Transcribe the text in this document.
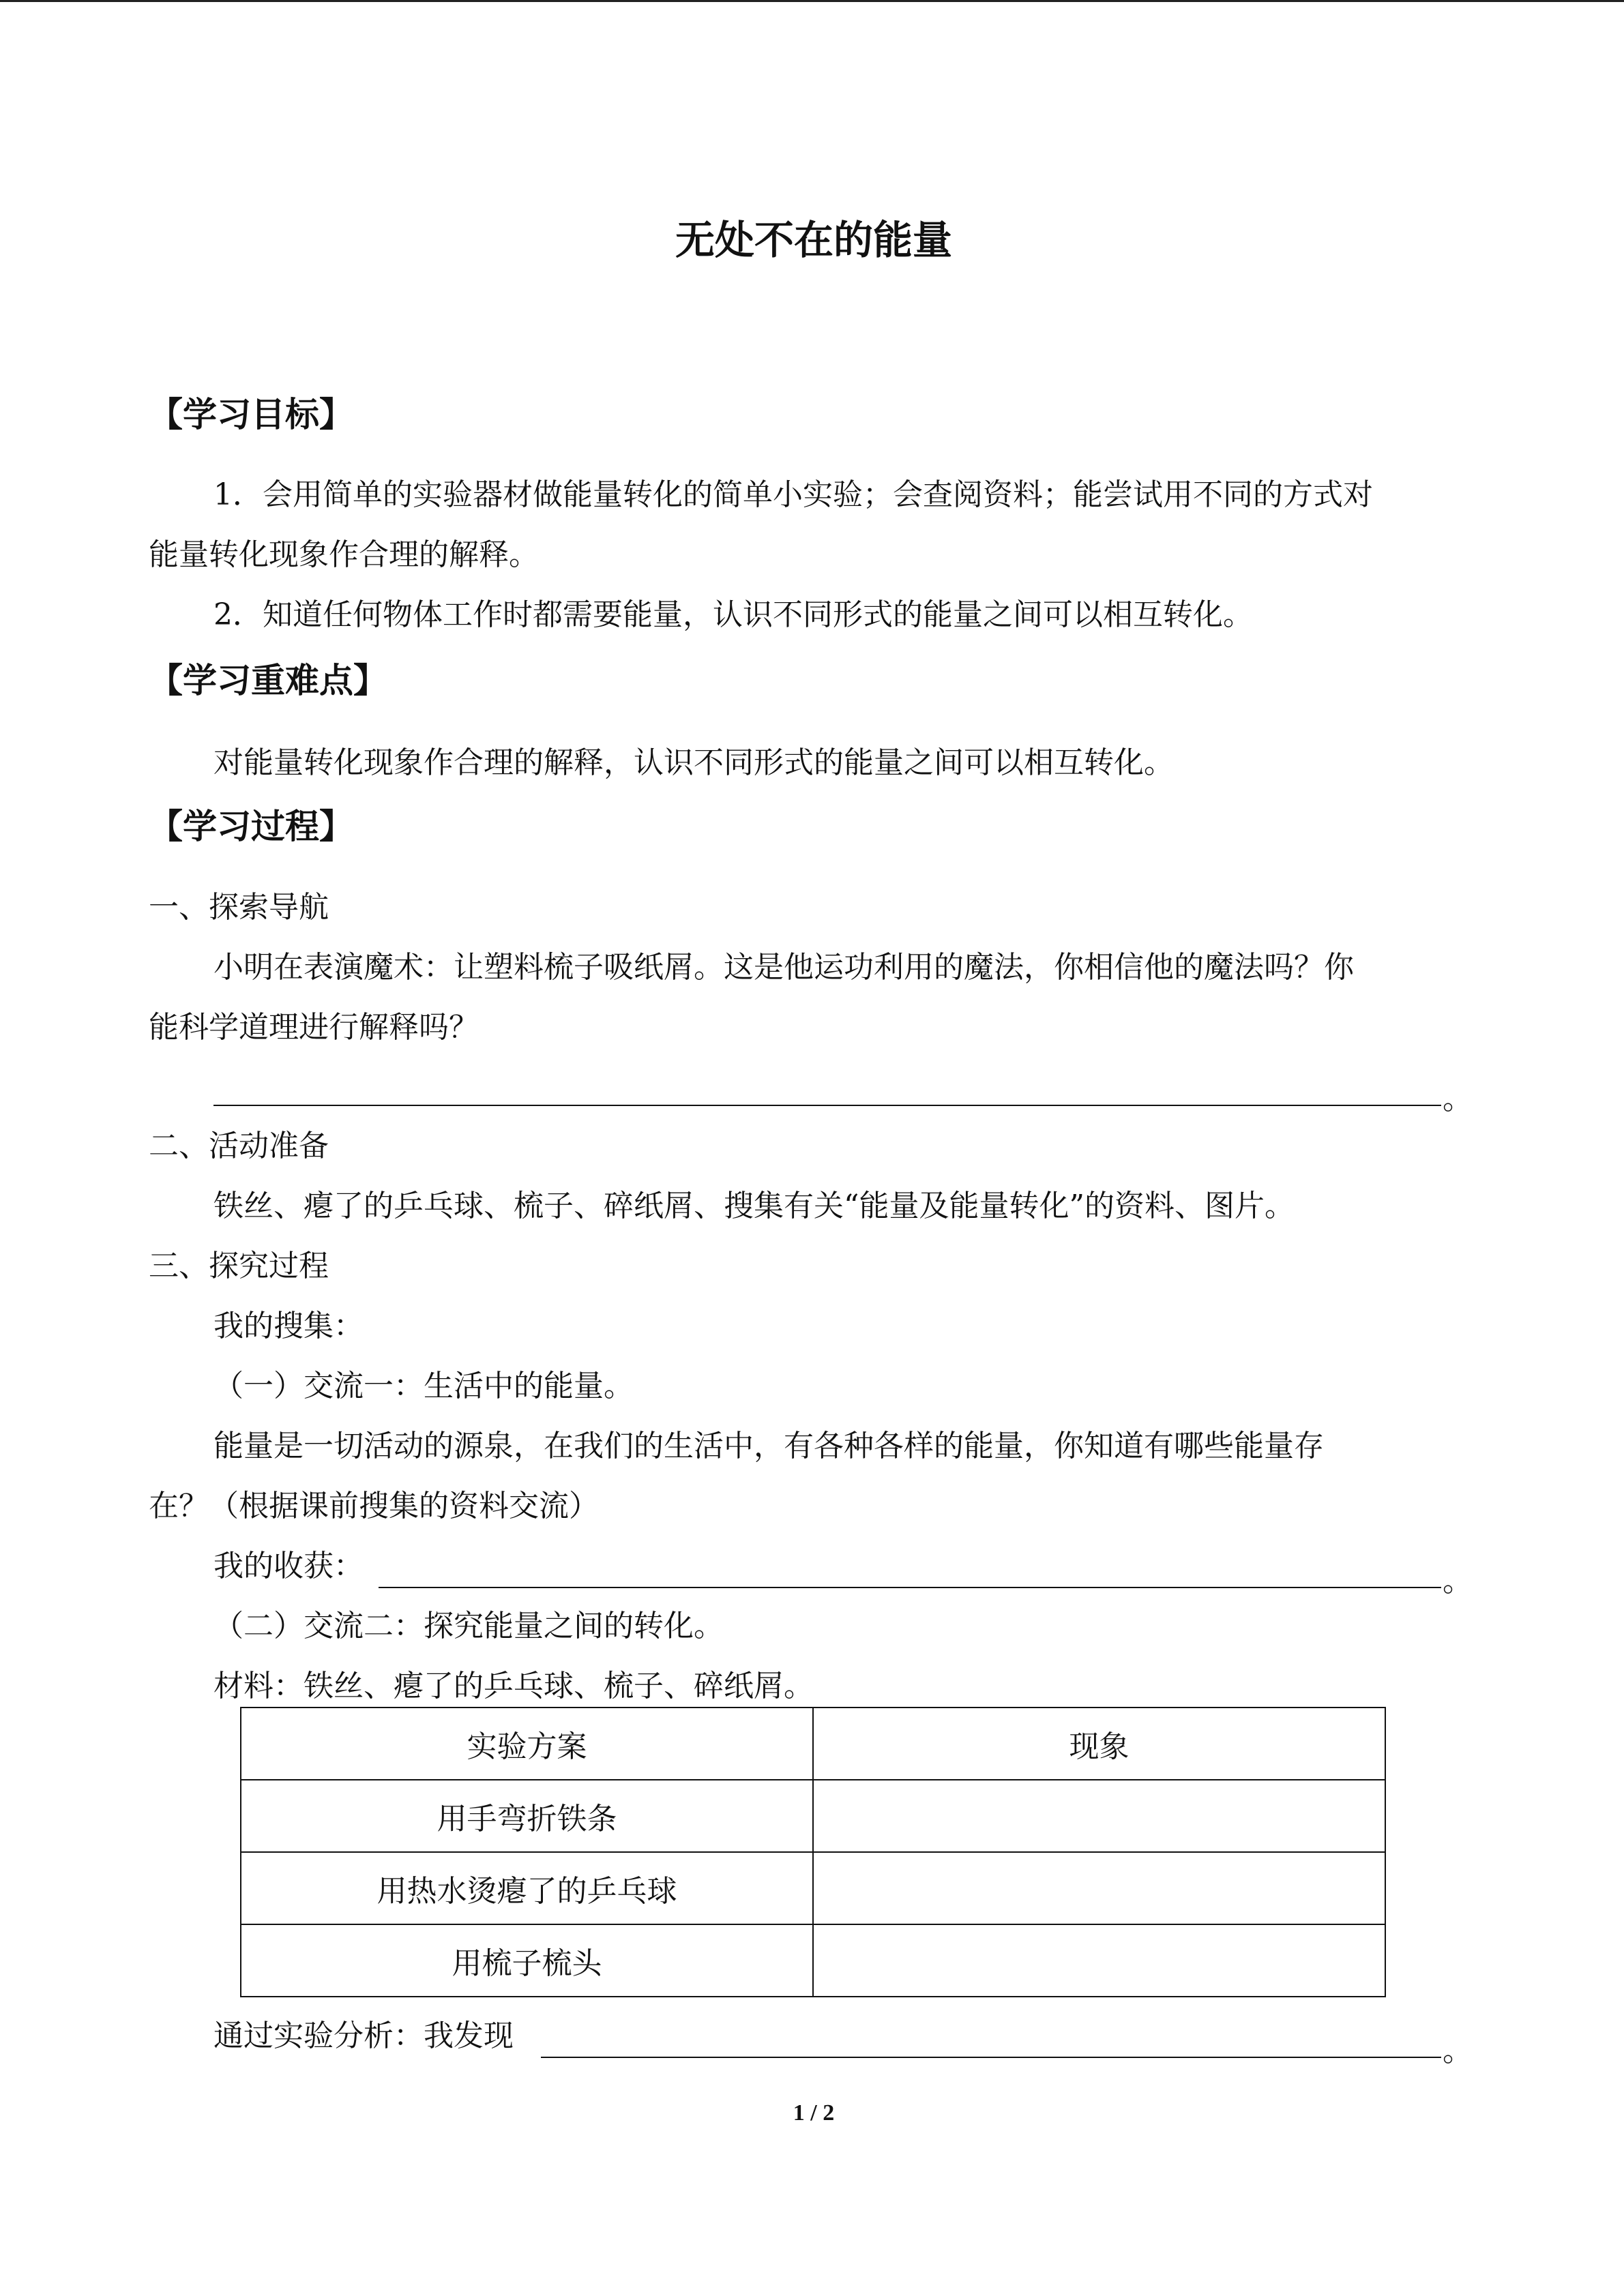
无处不在的能量
【学习目标】
1．会用简单的实验器材做能量转化的简单小实验；会查阅资料；能尝试用不同的方式对
能量转化现象作合理的解释。
2．知道任何物体工作时都需要能量，认识不同形式的能量之间可以相互转化。
【学习重难点】
对能量转化现象作合理的解释，认识不同形式的能量之间可以相互转化。
【学习过程】
一、探索导航
小明在表演魔术：让塑料梳子吸纸屑。这是他运功利用的魔法，你相信他的魔法吗？你
能科学道理进行解释吗？
。
二、活动准备
铁丝、瘪了的乒乓球、梳子、碎纸屑、搜集有关“能量及能量转化”的资料、图片。
三、探究过程
我的搜集：
（一）交流一：生活中的能量。
能量是一切活动的源泉，在我们的生活中，有各种各样的能量，你知道有哪些能量存
在？（根据课前搜集的资料交流）
我的收获：	。
（二）交流二：探究能量之间的转化。
材料：铁丝、瘪了的乒乓球、梳子、碎纸屑。
实验方案	现象
用手弯折铁条	
用热水烫瘪了的乒乓球	
用梳子梳头	
通过实验分析：我发现	。
1 / 2
